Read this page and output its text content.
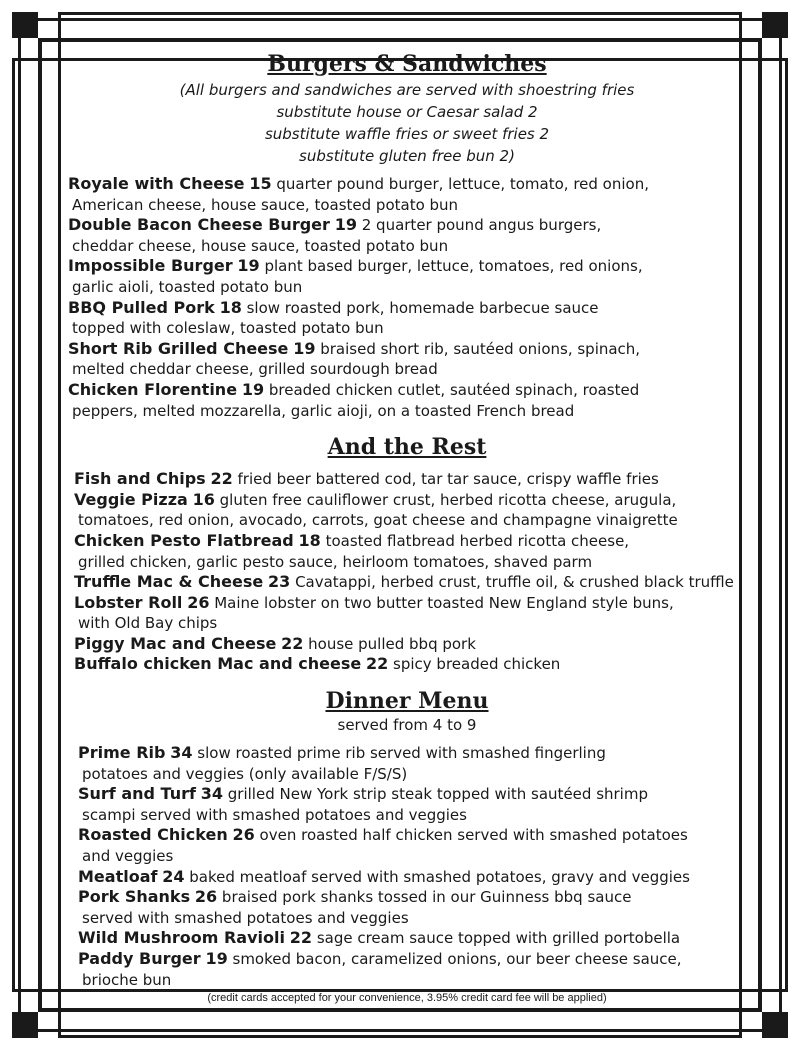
Burgers & Sandwiches

(All burgers and sandwiches are served with shoestring fries

substitute house or Caesar salad 2

substitute waffle fries or sweet fries 2

substitute gluten free bun 2)

Royale with Cheese 15 quarter pound burger, lettuce, tomato, red onion,
American cheese, house sauce, toasted potato bun
Double Bacon Cheese Burger 19 2 quarter pound angus burgers,
cheddar cheese, house sauce, toasted potato bun
Impossible Burger 19 plant based burger, lettuce, tomatoes, red onions,
garlic aioli, toasted potato bun
BBQ Pulled Pork 18 slow roasted pork, homemade barbecue sauce
topped with coleslaw, toasted potato bun
Short Rib Grilled Cheese 19 braised short rib, sautéed onions, spinach,
melted cheddar cheese, grilled sourdough bread
Chicken Florentine 19 breaded chicken cutlet, sautéed spinach, roasted
peppers, melted mozzarella, garlic aioji, on a toasted French bread
And the Rest
Fish and Chips 22 fried beer battered cod, tar tar sauce, crispy waffle fries
Veggie Pizza 16 gluten free cauliflower crust, herbed ricotta cheese, arugula,
tomatoes, red onion, avocado, carrots, goat cheese and champagne vinaigrette
Chicken Pesto Flatbread 18 toasted flatbread herbed ricotta cheese,
grilled chicken, garlic pesto sauce, heirloom tomatoes, shaved parm
Truffle Mac & Cheese 23 Cavatappi, herbed crust, truffle oil, & crushed black truffle
Lobster Roll 26 Maine lobster on two butter toasted New England style buns,
with Old Bay chips
Piggy Mac and Cheese 22 house pulled bbq pork
Buffalo chicken Mac and cheese 22 spicy breaded chicken
Dinner Menu

served from 4 to 9

Prime Rib 34 slow roasted prime rib served with smashed fingerling
potatoes and veggies (only available F/S/S)
Surf and Turf 34 grilled New York strip steak topped with sautéed shrimp
scampi served with smashed potatoes and veggies
Roasted Chicken 26 oven roasted half chicken served with smashed potatoes
and veggies
Meatloaf 24 baked meatloaf served with smashed potatoes, gravy and veggies
Pork Shanks 26 braised pork shanks tossed in our Guinness bbq sauce
served with smashed potatoes and veggies
Wild Mushroom Ravioli 22 sage cream sauce topped with grilled portobella
Paddy Burger 19 smoked bacon, caramelized onions, our beer cheese sauce,
brioche bun
(credit cards accepted for your convenience, 3.95% credit card fee will be applied)
